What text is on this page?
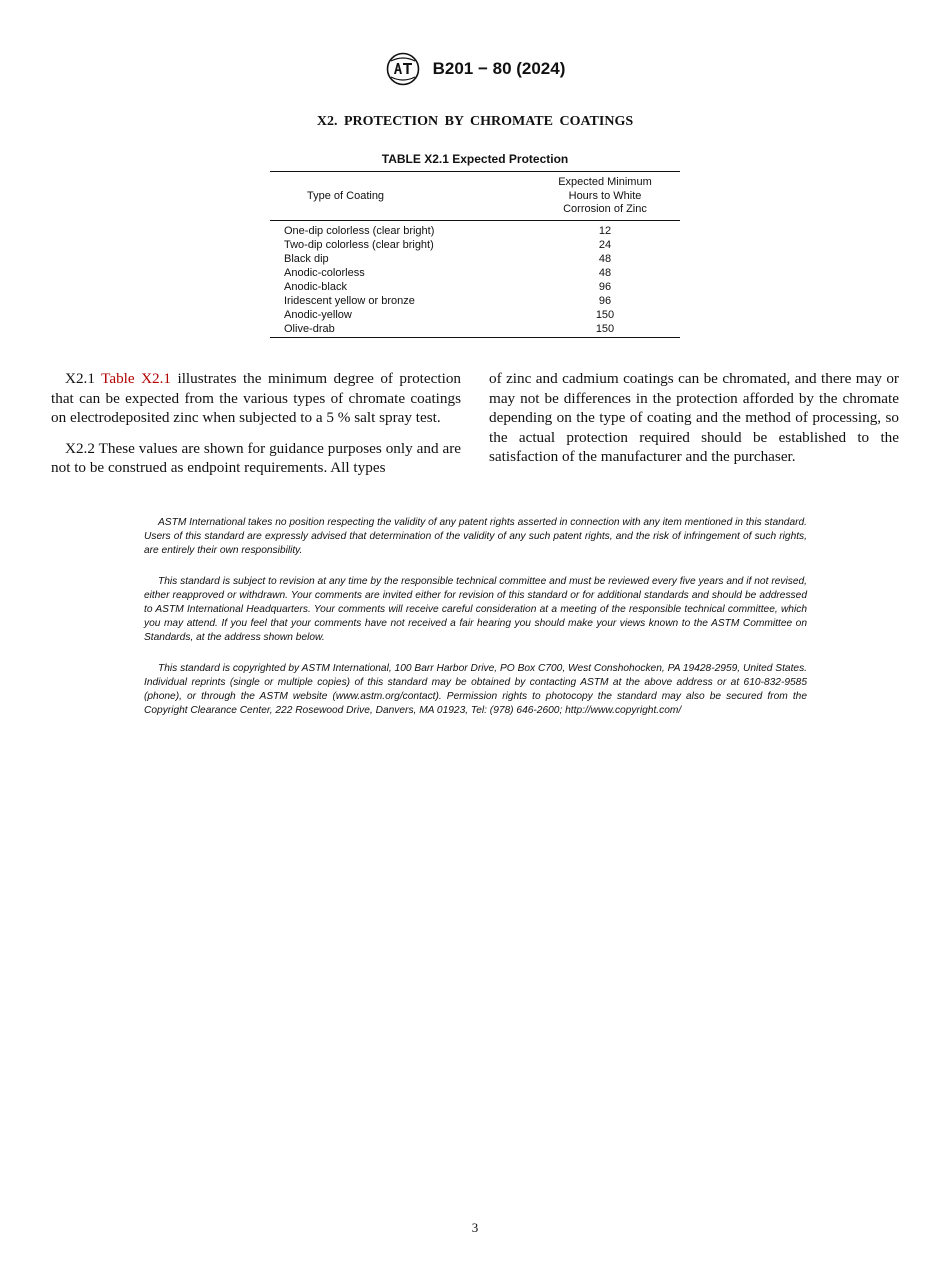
B201 − 80 (2024)
X2. PROTECTION BY CHROMATE COATINGS
TABLE X2.1 Expected Protection
Type of Coating	Expected Minimum
Hours to White
Corrosion of Zinc
One-dip colorless (clear bright)	12
Two-dip colorless (clear bright)	24
Black dip	48
Anodic-colorless	48
Anodic-black	96
Iridescent yellow or bronze	96
Anodic-yellow	150
Olive-drab	150

X2.1 Table X2.1 illustrates the minimum degree of protection that can be expected from the various types of chromate coatings on electrodeposited zinc when subjected to a 5 % salt spray test.

X2.2 These values are shown for guidance purposes only and are not to be construed as endpoint requirements. All types

of zinc and cadmium coatings can be chromated, and there may or may not be differences in the protection afforded by the chromate depending on the type of coating and the method of processing, so the actual protection required should be established to the satisfaction of the manufacturer and the purchaser.

ASTM International takes no position respecting the validity of any patent rights asserted in connection with any item mentioned in this standard. Users of this standard are expressly advised that determination of the validity of any such patent rights, and the risk of infringement of such rights, are entirely their own responsibility.

This standard is subject to revision at any time by the responsible technical committee and must be reviewed every five years and if not revised, either reapproved or withdrawn. Your comments are invited either for revision of this standard or for additional standards and should be addressed to ASTM International Headquarters. Your comments will receive careful consideration at a meeting of the responsible technical committee, which you may attend. If you feel that your comments have not received a fair hearing you should make your views known to the ASTM Committee on Standards, at the address shown below.

This standard is copyrighted by ASTM International, 100 Barr Harbor Drive, PO Box C700, West Conshohocken, PA 19428-2959, United States. Individual reprints (single or multiple copies) of this standard may be obtained by contacting ASTM at the above address or at 610-832-9585 (phone), or through the ASTM website (www.astm.org/contact). Permission rights to photocopy the standard may also be secured from the Copyright Clearance Center, 222 Rosewood Drive, Danvers, MA 01923, Tel: (978) 646-2600; http://www.copyright.com/

3
